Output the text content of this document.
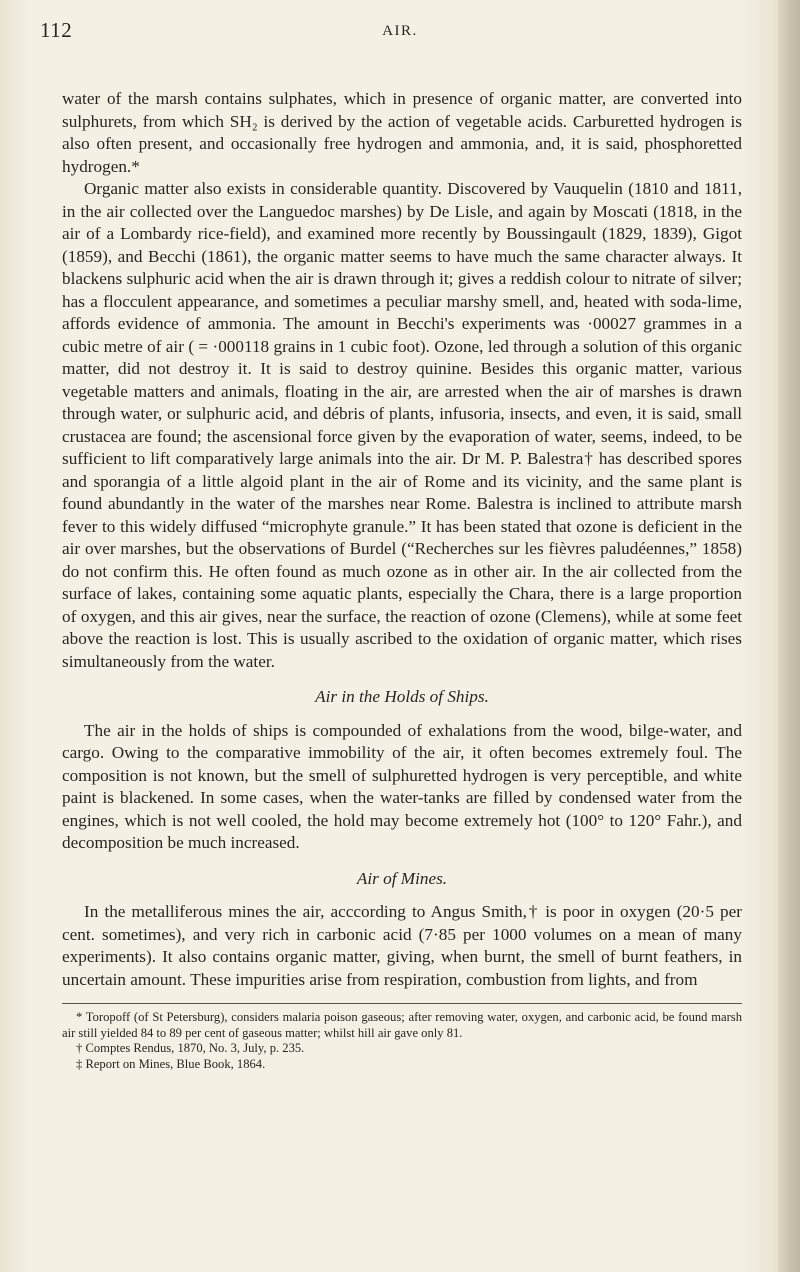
112	AIR.

water of the marsh contains sulphates, which in presence of organic matter, are converted into sulphurets, from which SH₂ is derived by the action of vegetable acids. Carburetted hydrogen is also often present, and occasionally free hydrogen and ammonia, and, it is said, phosphoretted hydrogen.*

Organic matter also exists in considerable quantity. Discovered by Vauquelin (1810 and 1811, in the air collected over the Languedoc marshes) by De Lisle, and again by Moscati (1818, in the air of a Lombardy rice-field), and examined more recently by Boussingault (1829, 1839), Gigot (1859), and Becchi (1861), the organic matter seems to have much the same character always. It blackens sulphuric acid when the air is drawn through it; gives a reddish colour to nitrate of silver; has a flocculent appearance, and sometimes a peculiar marshy smell, and, heated with soda-lime, affords evidence of ammonia. The amount in Becchi's experiments was ·00027 grammes in a cubic metre of air ( = ·000118 grains in 1 cubic foot). Ozone, led through a solution of this organic matter, did not destroy it. It is said to destroy quinine. Besides this organic matter, various vegetable matters and animals, floating in the air, are arrested when the air of marshes is drawn through water, or sulphuric acid, and débris of plants, infusoria, insects, and even, it is said, small crustacea are found; the ascensional force given by the evaporation of water, seems, indeed, to be sufficient to lift comparatively large animals into the air. Dr M. P. Balestra† has described spores and sporangia of a little algoid plant in the air of Rome and its vicinity, and the same plant is found abundantly in the water of the marshes near Rome. Balestra is inclined to attribute marsh fever to this widely diffused “microphyte granule.” It has been stated that ozone is deficient in the air over marshes, but the observations of Burdel (“Recherches sur les fièvres paludéennes,” 1858) do not confirm this. He often found as much ozone as in other air. In the air collected from the surface of lakes, containing some aquatic plants, especially the Chara, there is a large proportion of oxygen, and this air gives, near the surface, the reaction of ozone (Clemens), while at some feet above the reaction is lost. This is usually ascribed to the oxidation of organic matter, which rises simultaneously from the water.

Air in the Holds of Ships.

The air in the holds of ships is compounded of exhalations from the wood, bilge-water, and cargo. Owing to the comparative immobility of the air, it often becomes extremely foul. The composition is not known, but the smell of sulphuretted hydrogen is very perceptible, and white paint is blackened. In some cases, when the water-tanks are filled by condensed water from the engines, which is not well cooled, the hold may become extremely hot (100° to 120° Fahr.), and decomposition be much increased.

Air of Mines.

In the metalliferous mines the air, acccording to Angus Smith,† is poor in oxygen (20·5 per cent. sometimes), and very rich in carbonic acid (7·85 per 1000 volumes on a mean of many experiments). It also contains organic matter, giving, when burnt, the smell of burnt feathers, in uncertain amount. These impurities arise from respiration, combustion from lights, and from

* Toropoff (of St Petersburg), considers malaria poison gaseous; after removing water, oxygen, and carbonic acid, be found marsh air still yielded 84 to 89 per cent of gaseous matter; whilst hill air gave only 81.

† Comptes Rendus, 1870, No. 3, July, p. 235.

‡ Report on Mines, Blue Book, 1864.
